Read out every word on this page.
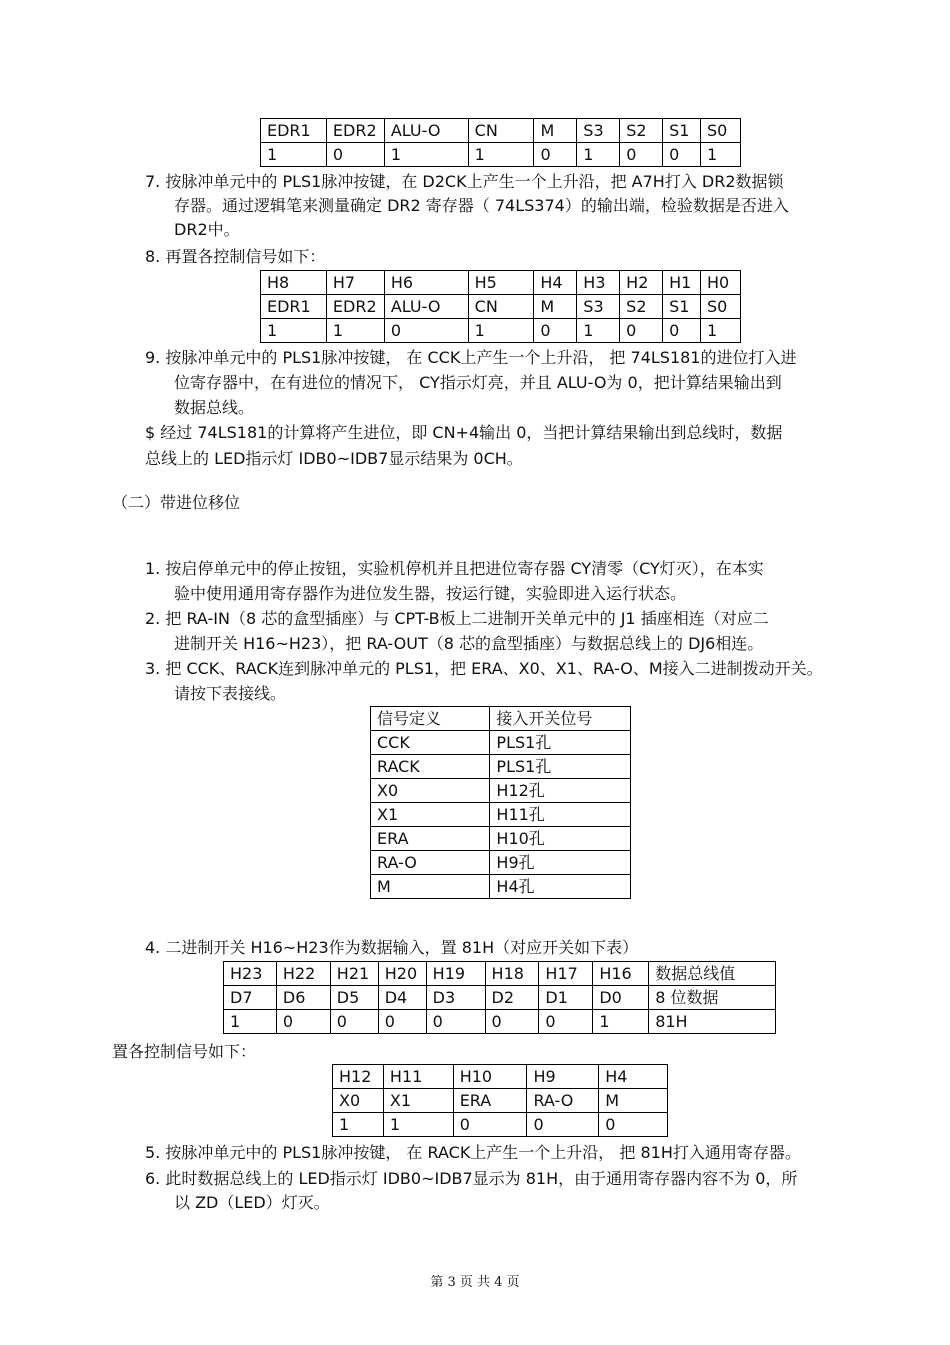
EDR1	EDR2	ALU-O	CN	M	S3	S2	S1	S0
1	0	1	1	0	1	0	0	1
7. 按脉冲单元中的 PLS1脉冲按键，在 D2CK上产生一个上升沿，把 A7H打入 DR2数据锁
存器。通过逻辑笔来测量确定 DR2 寄存器（ 74LS374）的输出端，检验数据是否进入
DR2中。
8. 再置各控制信号如下：
H8	H7	H6	H5	H4	H3	H2	H1	H0
EDR1	EDR2	ALU-O	CN	M	S3	S2	S1	S0
1	1	0	1	0	1	0	0	1
9. 按脉冲单元中的 PLS1脉冲按键， 在 CCK上产生一个上升沿， 把 74LS181的进位打入进
位寄存器中，在有进位的情况下， CY指示灯亮，并且 ALU-O为 0，把计算结果输出到
数据总线。
$ 经过 74LS181的计算将产生进位，即 CN+4输出 0，当把计算结果输出到总线时，数据
总线上的 LED指示灯 IDB0~IDB7显示结果为 0CH。
（二）带进位移位
1. 按启停单元中的停止按钮，实验机停机并且把进位寄存器 CY清零（CY灯灭），在本实
验中使用通用寄存器作为进位发生器，按运行键，实验即进入运行状态。
2. 把 RA-IN（8 芯的盒型插座）与 CPT-B板上二进制开关单元中的 J1 插座相连（对应二
进制开关 H16~H23），把 RA-OUT（8 芯的盒型插座）与数据总线上的 DJ6相连。
3. 把 CCK、RACK连到脉冲单元的 PLS1，把 ERA、X0、X1、RA-O、M接入二进制拨动开关。
请按下表接线。
信号定义	接入开关位号
CCK	PLS1孔
RACK	PLS1孔
X0	H12孔
X1	H11孔
ERA	H10孔
RA-O	H9孔
M	H4孔
4. 二进制开关 H16~H23作为数据输入，置 81H（对应开关如下表）
H23	H22	H21	H20	H19	H18	H17	H16	数据总线值
D7	D6	D5	D4	D3	D2	D1	D0	8 位数据
1	0	0	0	0	0	0	1	81H
置各控制信号如下：
H12	H11	H10	H9	H4
X0	X1	ERA	RA-O	M
1	1	0	0	0
5. 按脉冲单元中的 PLS1脉冲按键， 在 RACK上产生一个上升沿， 把 81H打入通用寄存器。
6. 此时数据总线上的 LED指示灯 IDB0~IDB7显示为 81H，由于通用寄存器内容不为 0，所
以 ZD（LED）灯灭。
第 3 页 共 4 页
